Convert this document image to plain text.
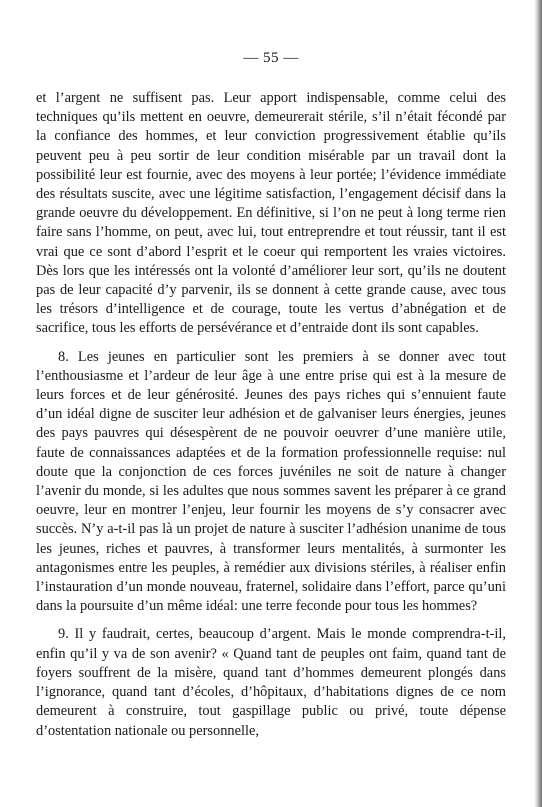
— 55 —

et l’argent ne suffisent pas. Leur apport indispensable, comme celui des techniques qu’ils mettent en oeuvre, demeurerait stérile, s’il n’était fécondé par la confiance des hommes, et leur conviction progressivement établie qu’ils peuvent peu à peu sortir de leur condition misérable par un travail dont la possibilité leur est fournie, avec des moyens à leur portée; l’évidence immédiate des résultats suscite, avec une légitime satisfaction, l’engagement décisif dans la grande oeuvre du développement. En définitive, si l’on ne peut à long terme rien faire sans l’homme, on peut, avec lui, tout entreprendre et tout réussir, tant il est vrai que ce sont d’abord l’esprit et le coeur qui remportent les vraies victoires. Dès lors que les intéressés ont la volonté d’améliorer leur sort, qu’ils ne doutent pas de leur capacité d’y parvenir, ils se donnent à cette grande cause, avec tous les trésors d’intelligence et de courage, toute les vertus d’abnégation et de sacrifice, tous les efforts de persévérance et d’entraide dont ils sont capables.

8. Les jeunes en particulier sont les premiers à se donner avec tout l’enthousiasme et l’ardeur de leur âge à une entre prise qui est à la mesure de leurs forces et de leur générosité. Jeunes des pays riches qui s’ennuient faute d’un idéal digne de susciter leur adhésion et de galvaniser leurs énergies, jeunes des pays pauvres qui désespèrent de ne pouvoir oeuvrer d’une manière utile, faute de connaissances adaptées et de la formation professionnelle requise: nul doute que la conjonction de ces forces juvéniles ne soit de nature à changer l’avenir du monde, si les adultes que nous sommes savent les préparer à ce grand oeuvre, leur en montrer l’enjeu, leur fournir les moyens de s’y consacrer avec succès. N’y a-t-il pas là un projet de nature à susciter l’adhésion unanime de tous les jeunes, riches et pauvres, à transformer leurs mentalités, à surmonter les antagonismes entre les peuples, à remédier aux divisions stériles, à réaliser enfin l’instauration d’un monde nouveau, fraternel, solidaire dans l’effort, parce qu’uni dans la poursuite d’un même idéal: une terre feconde pour tous les hommes?

9. Il y faudrait, certes, beaucoup d’argent. Mais le monde comprendra-t-il, enfin qu’il y va de son avenir? « Quand tant de peuples ont faim, quand tant de foyers souffrent de la misère, quand tant d’hommes demeurent plongés dans l’ignorance, quand tant d’écoles, d’hôpitaux, d’habitations dignes de ce nom demeurent à construire, tout gaspillage public ou privé, toute dépense d’ostentation nationale ou personnelle,
